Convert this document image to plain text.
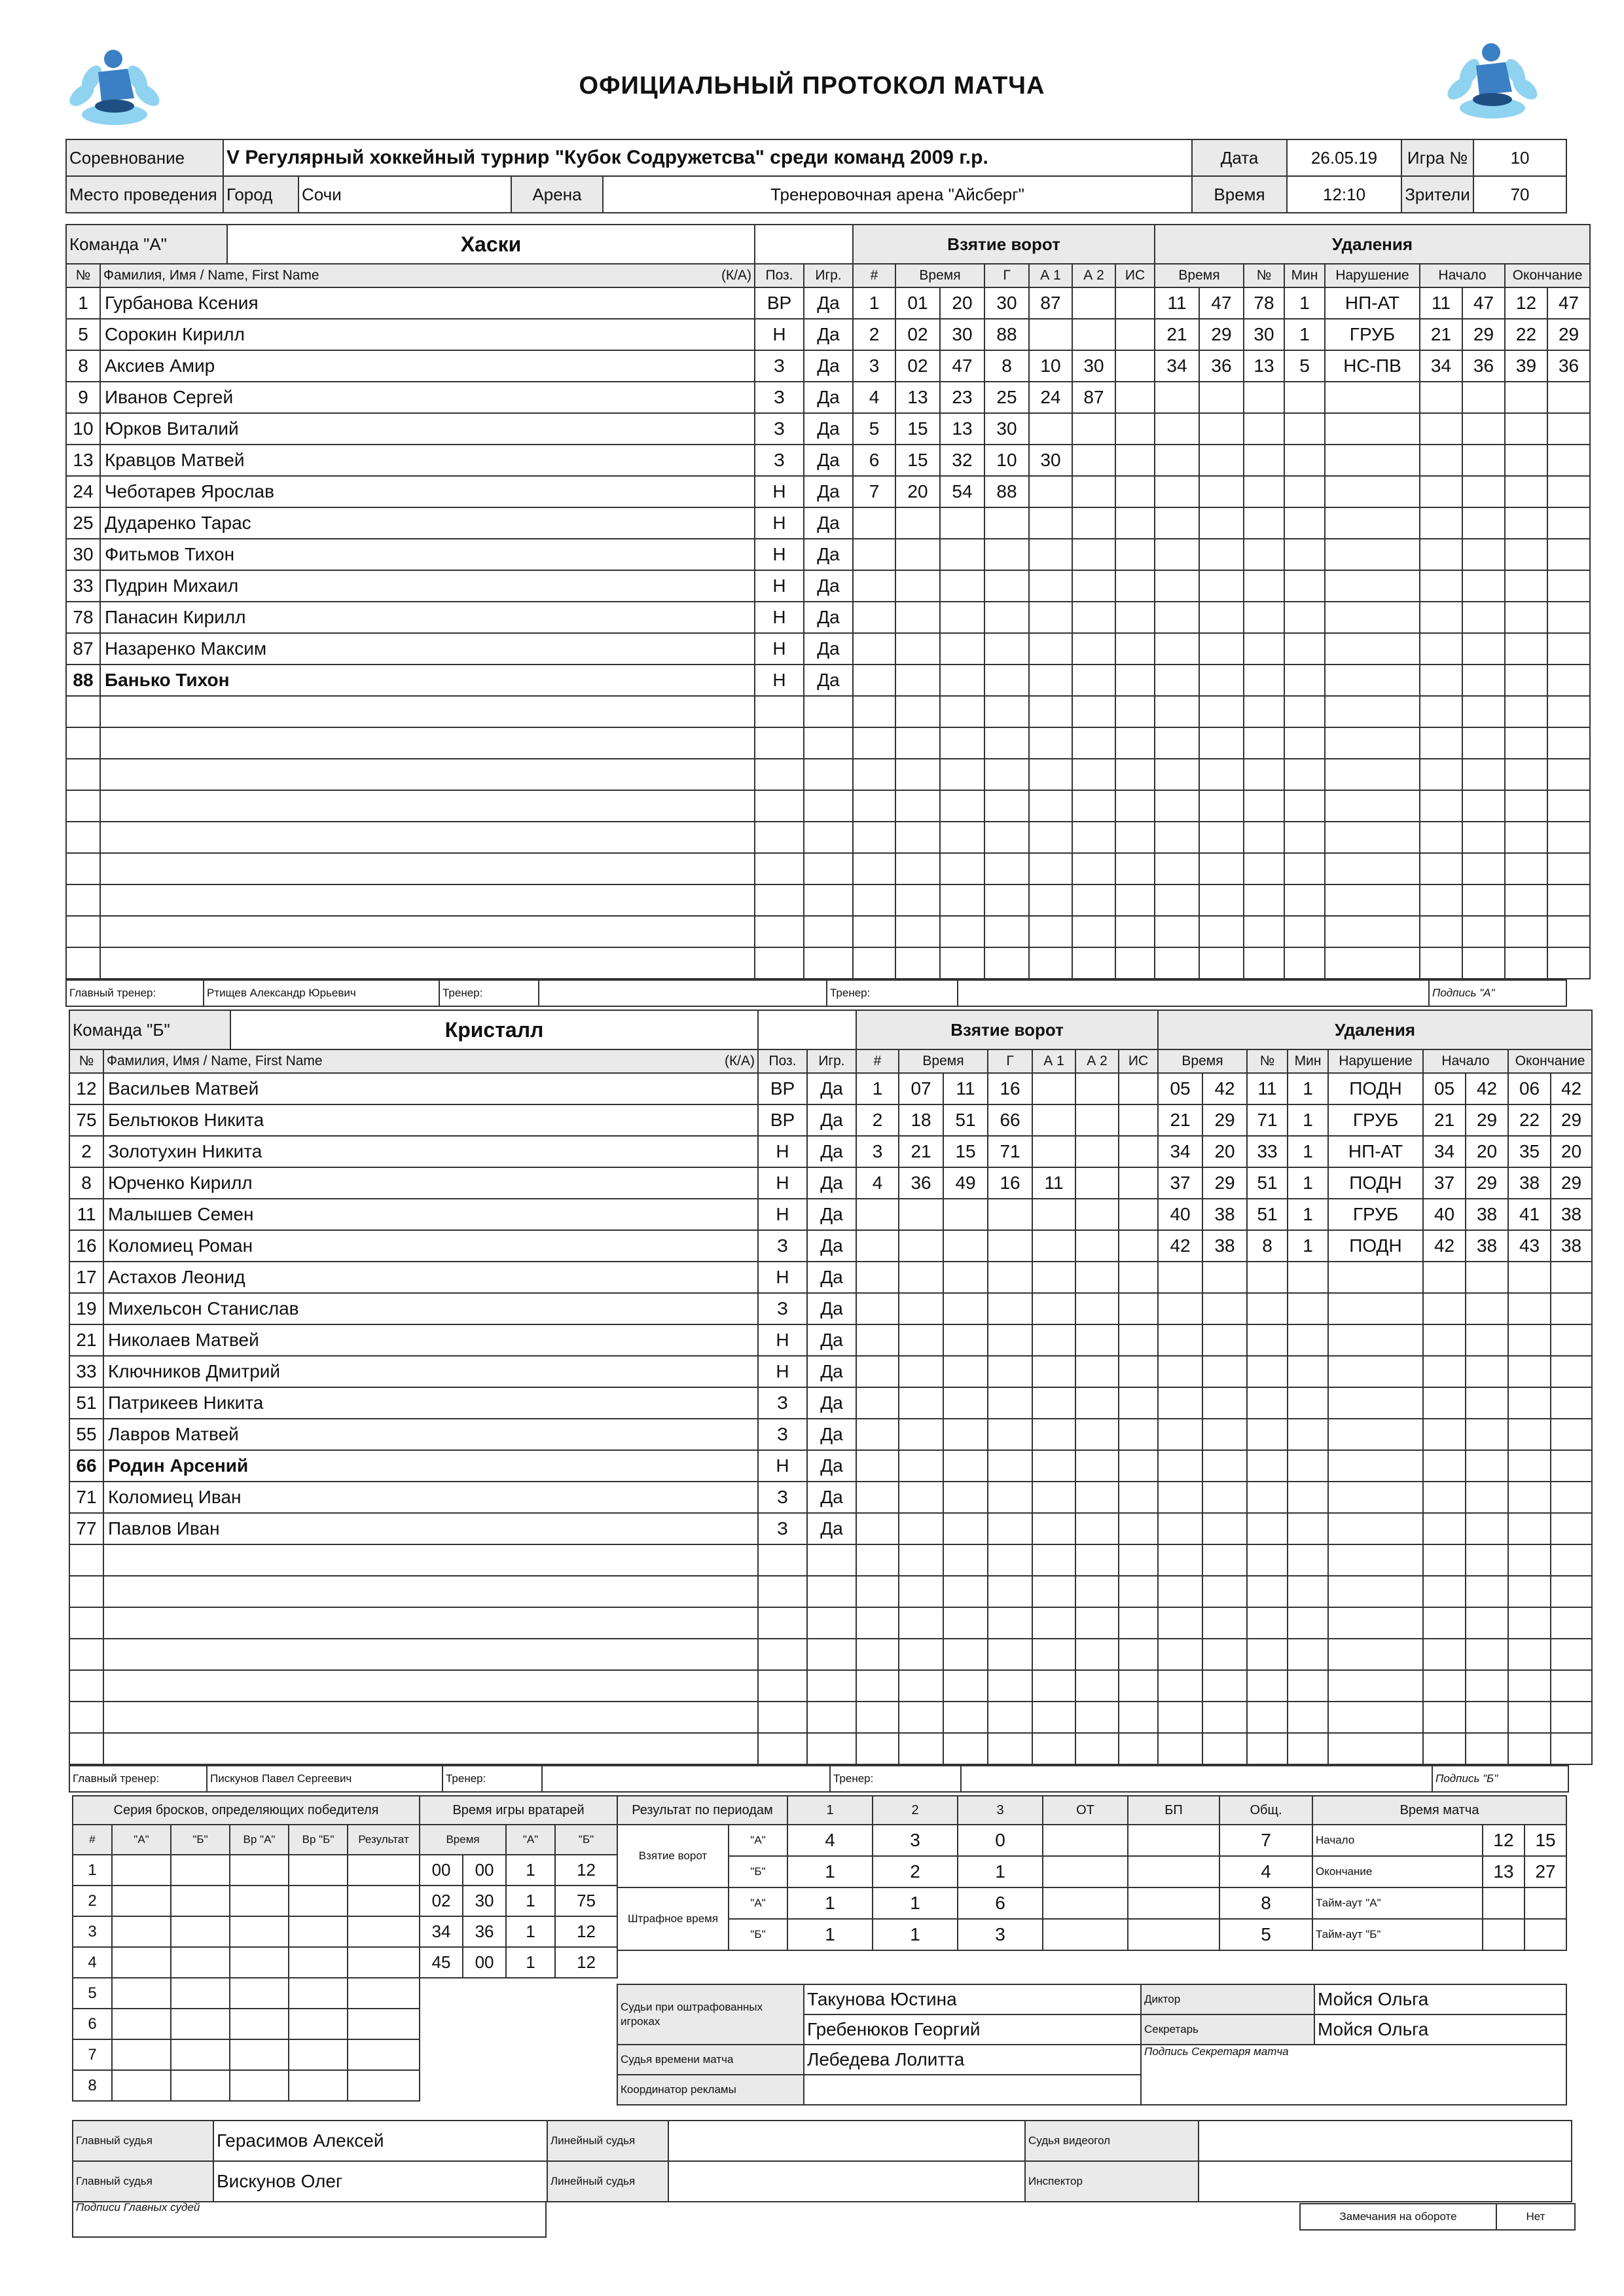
ОФИЦИАЛЬНЫЙ ПРОТОКОЛ МАТЧА
Соревнование	V Регулярный хоккейный турнир "Кубок Содружетсва" среди команд 2009 г.р.				Дата	26.05.19	Игра №	10
Место проведения	Город	Сочи	Арена	Тренеровочная арена "Айсберг"	Время	12:10	Зрители	70
Команда "А" Хаски				Взятие ворот							Удаления								
№	Фамилия, Имя / Name, First Name (К/А)	Поз.	Игр.	#	Время		Г	А 1	А 2	ИС	Время		№	Мин	Нарушение	Начало		Окончание	
1	Гурбанова Ксения	ВР	Да	1	01	20	30	87			11	47	78	1	НП-АТ	11	47	12	47
5	Сорокин Кирилл	Н	Да	2	02	30	88				21	29	30	1	ГРУБ	21	29	22	29
8	Аксиев Амир	З	Да	3	02	47	8	10	30		34	36	13	5	НС-ПВ	34	36	39	36
9	Иванов Сергей	З	Да	4	13	23	25	24	87										
10	Юрков Виталий	З	Да	5	15	13	30												
13	Кравцов Матвей	З	Да	6	15	32	10	30											
24	Чеботарев Ярослав	Н	Да	7	20	54	88												
25	Дударенко Тарас	Н	Да																
30	Фитьмов Тихон	Н	Да																
33	Пудрин Михаил	Н	Да																
78	Панасин Кирилл	Н	Да																
87	Назаренко Максим	Н	Да																
88	Банько Тихон	Н	Да																

Главный тренер:	Ртищев Александр Юрьевич	Тренер:		Тренер:		Подпись "А"
Команда "Б" Кристалл				Взятие ворот							Удаления								
№	Фамилия, Имя / Name, First Name (К/А)	Поз.	Игр.	#	Время		Г	А 1	А 2	ИС	Время		№	Мин	Нарушение	Начало		Окончание	
12	Васильев Матвей	ВР	Да	1	07	11	16				05	42	11	1	ПОДН	05	42	06	42
75	Бельтюков Никита	ВР	Да	2	18	51	66				21	29	71	1	ГРУБ	21	29	22	29
2	Золотухин Никита	Н	Да	3	21	15	71				34	20	33	1	НП-АТ	34	20	35	20
8	Юрченко Кирилл	Н	Да	4	36	49	16	11			37	29	51	1	ПОДН	37	29	38	29
11	Малышев Семен	Н	Да								40	38	51	1	ГРУБ	40	38	41	38
16	Коломиец Роман	З	Да								42	38	8	1	ПОДН	42	38	43	38
17	Астахов Леонид	Н	Да																
19	Михельсон Станислав	З	Да																
21	Николаев Матвей	Н	Да																
33	Ключников Дмитрий	Н	Да																
51	Патрикеев Никита	З	Да																
55	Лавров Матвей	З	Да																
66	Родин Арсений	Н	Да																
71	Коломиец Иван	З	Да																
77	Павлов Иван	З	Да																

Главный тренер:	Пискунов Павел Сергеевич	Тренер:		Тренер:		Подпись "Б"
Серия бросков, определяющих победителя						Время игры вратарей			
#	"А"	"Б"	Вр "А"	Вр "Б"	Результат	Время		"А"	"Б"
1						00	00	1	12
2						02	30	1	75
3						34	36	1	12
4						45	00	1	12
5									
6									
7									
8									
Результат по периодам		1	2	3	ОТ	БП	Общ.
Взятие ворот	"А"	4	3	0			7
	"Б"	1	2	1			4
Штрафное время	"А"	1	1	6			8
	"Б"	1	1	3			5
Время матча		
Начало	12	15
Окончание	13	27
Тайм-аут "А"		
Тайм-аут "Б"		
Судьи при оштрафованных игроках	Такунова Юстина
	Гребенюков Георгий
Судья времени матча	Лебедева Лолитта
Координатор рекламы	
Диктор	Мойся Ольга
Секретарь	Мойся Ольга
Подпись Секретаря матча	
Главный судья	Герасимов Алексей	Линейный судья		Судья видеогол	
Главный судья	Вискунов Олег	Линейный судья		Инспектор	
Подписи Главных судей
Замечания на обороте	Нет
